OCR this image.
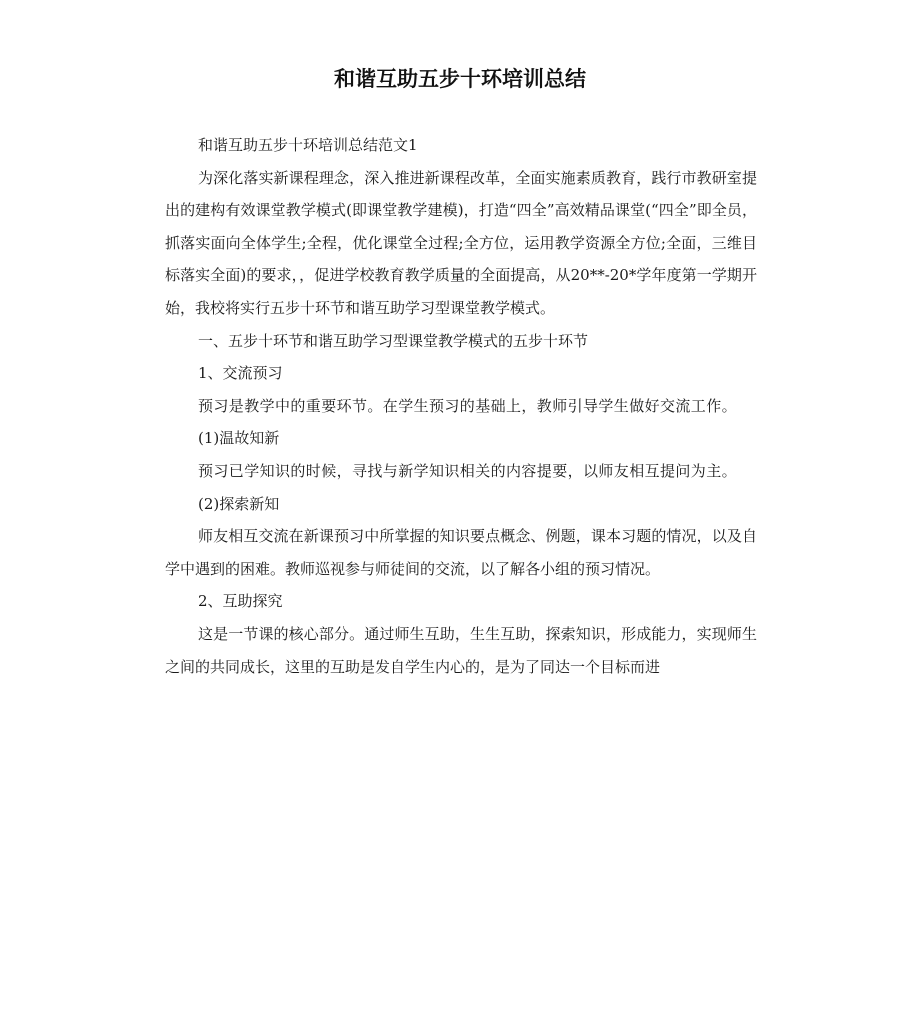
和谐互助五步十环培训总结

和谐互助五步十环培训总结范文1

为深化落实新课程理念，深入推进新课程改革，全面实施素质教育，践行市教研室提出的建构有效课堂教学模式(即课堂教学建模)，打造“四全”高效精品课堂(“四全”即全员，抓落实面向全体学生;全程，优化课堂全过程;全方位，运用教学资源全方位;全面，三维目标落实全面)的要求，，促进学校教育教学质量的全面提高，从20**-20*学年度第一学期开始，我校将实行五步十环节和谐互助学习型课堂教学模式。

一、五步十环节和谐互助学习型课堂教学模式的五步十环节

1、交流预习

预习是教学中的重要环节。在学生预习的基础上，教师引导学生做好交流工作。

(1)温故知新

预习已学知识的时候，寻找与新学知识相关的内容提要，以师友相互提问为主。

(2)探索新知

师友相互交流在新课预习中所掌握的知识要点概念、例题，课本习题的情况，以及自学中遇到的困难。教师巡视参与师徒间的交流，以了解各小组的预习情况。

2、互助探究

这是一节课的核心部分。通过师生互助，生生互助，探索知识，形成能力，实现师生之间的共同成长，这里的互助是发自学生内心的，是为了同达一个目标而进
